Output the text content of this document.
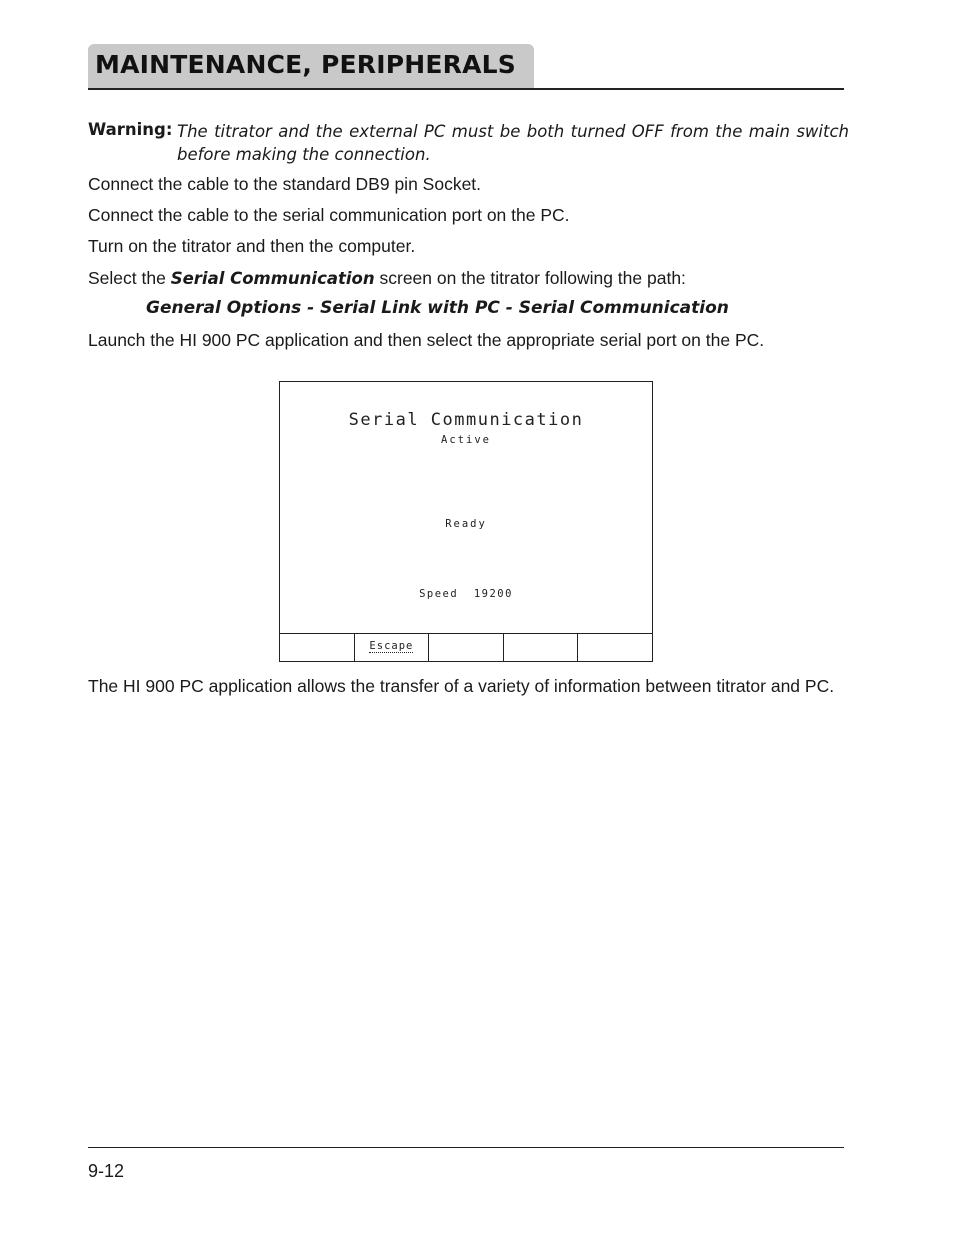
MAINTENANCE, PERIPHERALS
Warning: The titrator and the external PC must be both turned OFF from the main switch before making the connection.
Connect the cable to the standard DB9 pin Socket.
Connect the cable to the serial communication port on the PC.
Turn on the titrator and then the computer.
Select the Serial Communication screen on the titrator following the path:
General Options - Serial Link with PC - Serial Communication
Launch the HI 900 PC application and then select the appropriate serial port on the PC.
Serial Communication
Active
Ready
Speed  19200
Escape
The HI 900 PC application allows the transfer of a variety of information between titrator and PC.
9-12
